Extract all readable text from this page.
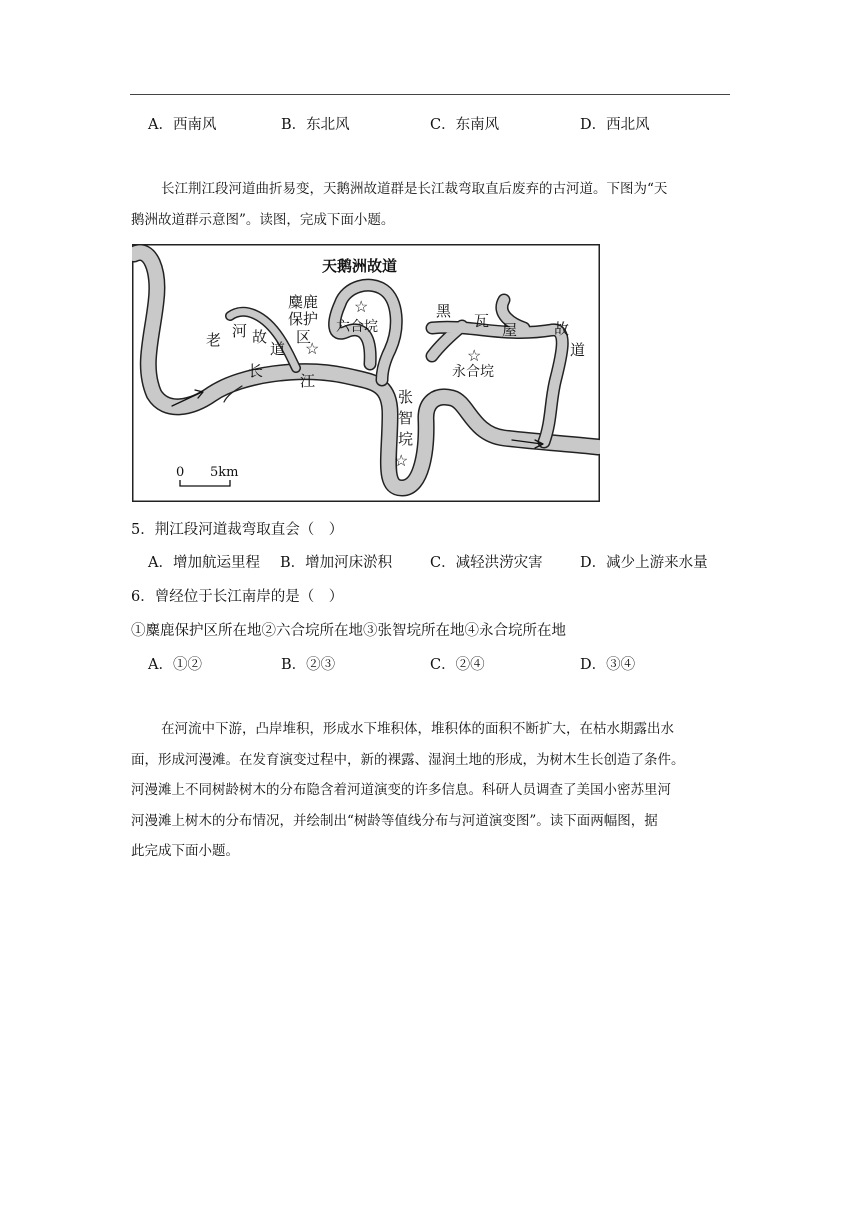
A．西南风	B．东北风	C．东南风	D．西北风
长江荆江段河道曲折易变，天鹅洲故道群是长江裁弯取直后废弃的古河道。下图为“天
鹅洲故道群示意图”。读图，完成下面小题。
☆
☆	☆
☆
天鹅洲故道
麋鹿
保护
区
六合垸
老 河 故
道
长
江
黑
瓦 屋 故
道
永合垸
张
智
垸
0 5km
5．荆江段河道裁弯取直会（　）
A．增加航运里程 B．增加河床淤积	C．减轻洪涝灾害	D．减少上游来水量
6．曾经位于长江南岸的是（　）
①麋鹿保护区所在地②六合垸所在地③张智垸所在地④永合垸所在地
A．①②	B．②③	C．②④	D．③④
在河流中下游，凸岸堆积，形成水下堆积体，堆积体的面积不断扩大，在枯水期露出水
面，形成河漫滩。在发育演变过程中，新的裸露、湿润土地的形成，为树木生长创造了条件。
河漫滩上不同树龄树木的分布隐含着河道演变的许多信息。科研人员调查了美国小密苏里河
河漫滩上树木的分布情况，并绘制出“树龄等值线分布与河道演变图”。读下面两幅图，据
此完成下面小题。
